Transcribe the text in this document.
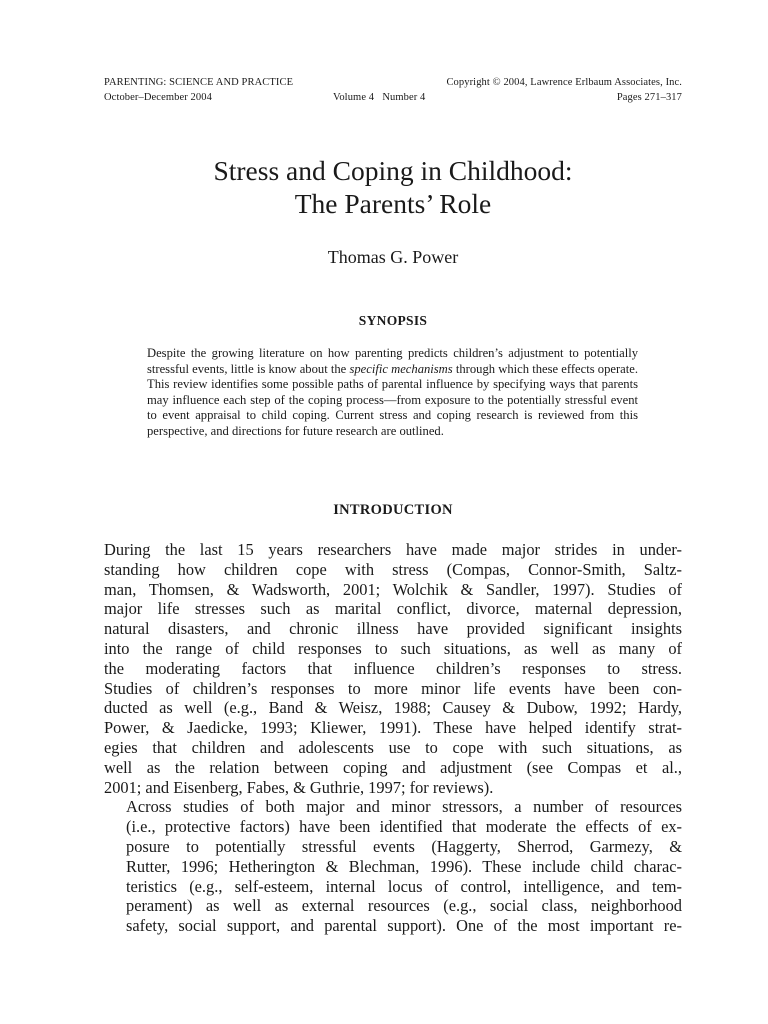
PARENTING: SCIENCE AND PRACTICE	Copyright © 2004, Lawrence Erlbaum Associates, Inc.
October–December 2004	Volume 4   Number 4	Pages 271–317
Stress and Coping in Childhood:
The Parents’ Role
Thomas G. Power
SYNOPSIS
Despite the growing literature on how parenting predicts children’s adjustment to potentially stressful events, little is know about the specific mechanisms through which these effects operate. This review identifies some possible paths of parental influence by specifying ways that parents may influence each step of the coping process—from exposure to the potentially stressful event to event appraisal to child coping. Current stress and coping research is reviewed from this perspective, and directions for future research are outlined.
INTRODUCTION

During the last 15 years researchers have made major strides in under-
standing how children cope with stress (Compas, Connor-Smith, Saltz-
man, Thomsen, & Wadsworth, 2001; Wolchik & Sandler, 1997). Studies of
major life stresses such as marital conflict, divorce, maternal depression,
natural disasters, and chronic illness have provided significant insights
into the range of child responses to such situations, as well as many of
the moderating factors that influence children’s responses to stress.
Studies of children’s responses to more minor life events have been con-
ducted as well (e.g., Band & Weisz, 1988; Causey & Dubow, 1992; Hardy,
Power, & Jaedicke, 1993; Kliewer, 1991). These have helped identify strat-
egies that children and adolescents use to cope with such situations, as
well as the relation between coping and adjustment (see Compas et al.,
2001; and Eisenberg, Fabes, & Guthrie, 1997; for reviews).

Across studies of both major and minor stressors, a number of resources
(i.e., protective factors) have been identified that moderate the effects of ex-
posure to potentially stressful events (Haggerty, Sherrod, Garmezy, &
Rutter, 1996; Hetherington & Blechman, 1996). These include child charac-
teristics (e.g., self-esteem, internal locus of control, intelligence, and tem-
perament) as well as external resources (e.g., social class, neighborhood
safety, social support, and parental support). One of the most important re-
